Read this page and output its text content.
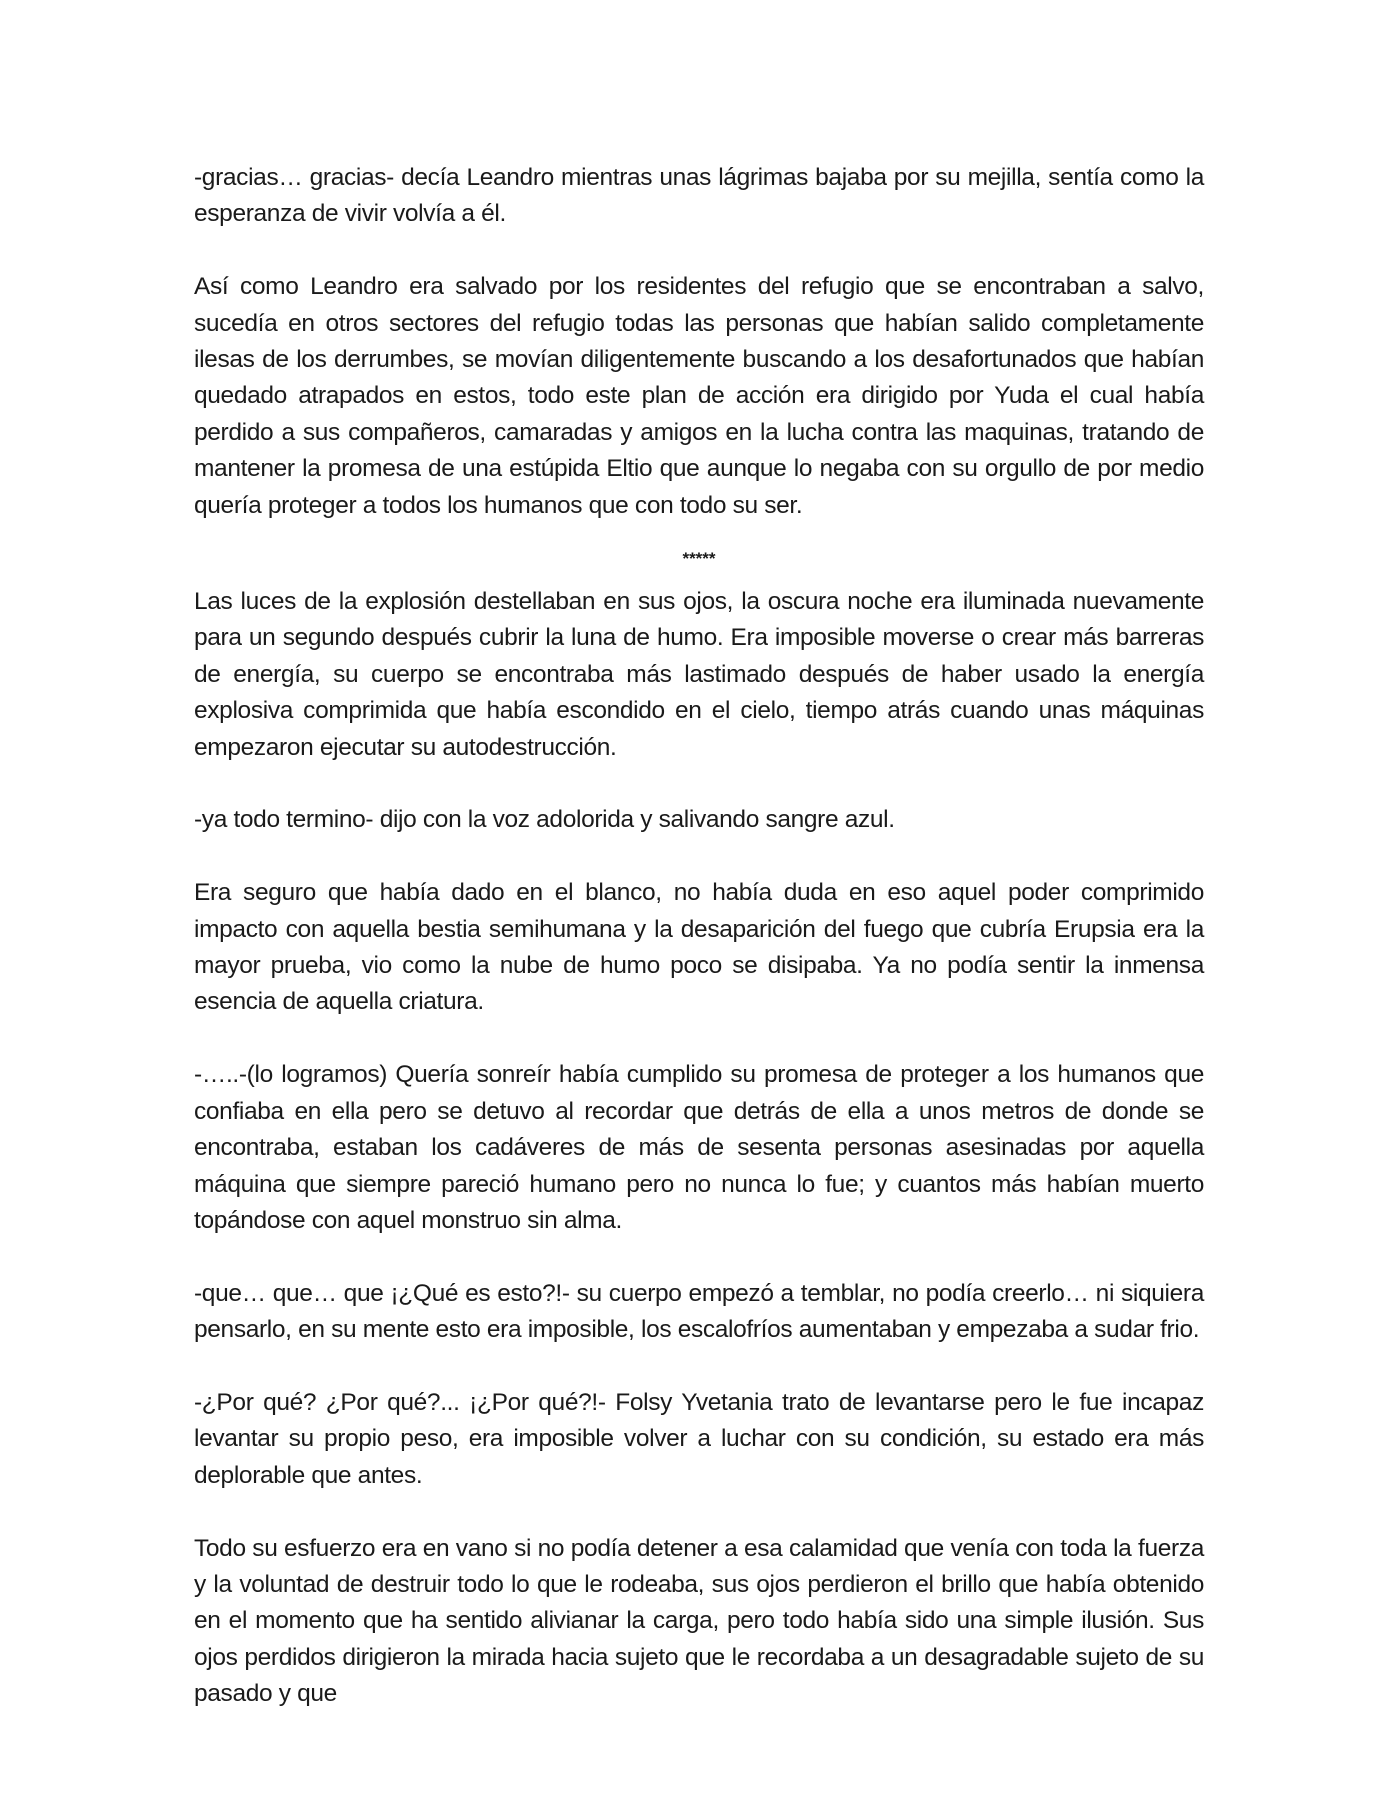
-gracias… gracias- decía Leandro mientras unas lágrimas bajaba por su mejilla, sentía como la esperanza de vivir volvía a él.

Así como Leandro era salvado por los residentes del refugio que se encontraban a salvo, sucedía en otros sectores del refugio todas las personas que habían salido completamente ilesas de los derrumbes, se movían diligentemente buscando a los desafortunados que habían quedado atrapados en estos, todo este plan de acción era dirigido por Yuda el cual había perdido a sus compañeros, camaradas y amigos en la lucha contra las maquinas, tratando de mantener la promesa de una estúpida Eltio que aunque lo negaba con su orgullo de por medio quería proteger a todos los humanos que con todo su ser.

*****

Las luces de la explosión destellaban en sus ojos, la oscura noche era iluminada nuevamente para un segundo después cubrir la luna de humo. Era imposible moverse o crear más barreras de energía, su cuerpo se encontraba más lastimado después de haber usado la energía explosiva comprimida que había escondido en el cielo, tiempo atrás cuando unas máquinas empezaron ejecutar su autodestrucción.

-ya todo termino- dijo con la voz adolorida y salivando sangre azul.

Era seguro que había dado en el blanco, no había duda en eso aquel poder comprimido impacto con aquella bestia semihumana y la desaparición del fuego que cubría Erupsia era la mayor prueba, vio como la nube de humo poco se disipaba. Ya no podía sentir la inmensa esencia de aquella criatura.

-…..-(lo logramos) Quería sonreír había cumplido su promesa de proteger a los humanos que confiaba en ella pero se detuvo al recordar que detrás de ella a unos metros de donde se encontraba, estaban los cadáveres de más de sesenta personas asesinadas por aquella máquina que siempre pareció humano pero no nunca lo fue; y cuantos más habían muerto topándose con aquel monstruo sin alma.

-que… que… que ¡¿Qué es esto?!- su cuerpo empezó a temblar, no podía creerlo… ni siquiera pensarlo, en su mente esto era imposible, los escalofríos aumentaban y empezaba a sudar frio.

-¿Por qué? ¿Por qué?... ¡¿Por qué?!- Folsy Yvetania trato de levantarse pero le fue incapaz levantar su propio peso, era imposible volver a luchar con su condición, su estado era más deplorable que antes.

Todo su esfuerzo era en vano si no podía detener a esa calamidad que venía con toda la fuerza y la voluntad de destruir todo lo que le rodeaba, sus ojos perdieron el brillo que había obtenido en el momento que ha sentido alivianar la carga, pero todo había sido una simple ilusión. Sus ojos perdidos dirigieron la mirada hacia sujeto que le recordaba a un desagradable sujeto de su pasado y que
